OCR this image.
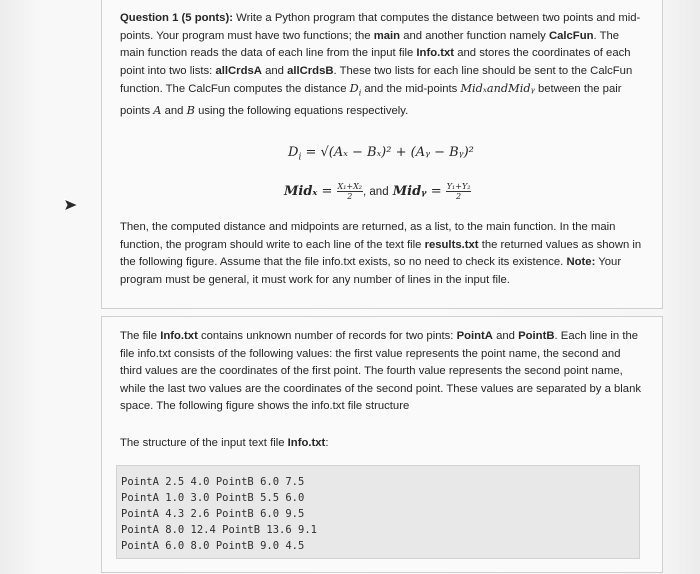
Question 1 (5 ponts): Write a Python program that computes the distance between two points and mid-points. Your program must have two functions; the main and another function namely CalcFun. The main function reads the data of each line from the input file Info.txt and stores the coordinates of each point into two lists: allCrdsA and allCrdsB. These two lists for each line should be sent to the CalcFun function. The CalcFun computes the distance $D_i$ and the mid-points MidₓandMidᵧ between the pair points A and B using the following equations respectively.
$D_i = √(A_x - B_x)^2$ + (Aᵧ − Bᵧ)²
$Mid_x = \frac{\text{X₁+X₂}}{2}$ , and Midᵧ = $\frac{\text{Y₁+Y₂}}{2}$
Then, the computed distance and midpoints are returned, as a list, to the main function. In the main function, the program should write to each line of the text file results.txt the returned values as shown in the following figure. Assume that the file info.txt exists, so no need to check its existence. Note: Your program must be general, it must work for any number of lines in the input file.
The file Info.txt contains unknown number of records for two pints: PointA and PointB. Each line in the file info.txt consists of the following values: the first value represents the point name, the second and third values are the coordinates of the first point. The fourth value represents the second point name, while the last two values are the coordinates of the second point. These values are separated by a blank space. The following figure shows the info.txt file structure
The structure of the input text file Info.txt:
PointA 2.5 4.0 PointB 6.0 7.5
PointA 1.0 3.0 PointB 5.5 6.0
PointA 4.3 2.6 PointB 6.0 9.5
PointA 8.0 12.4 PointB 13.6 9.1
PointA 6.0 8.0 PointB 9.0 4.5
